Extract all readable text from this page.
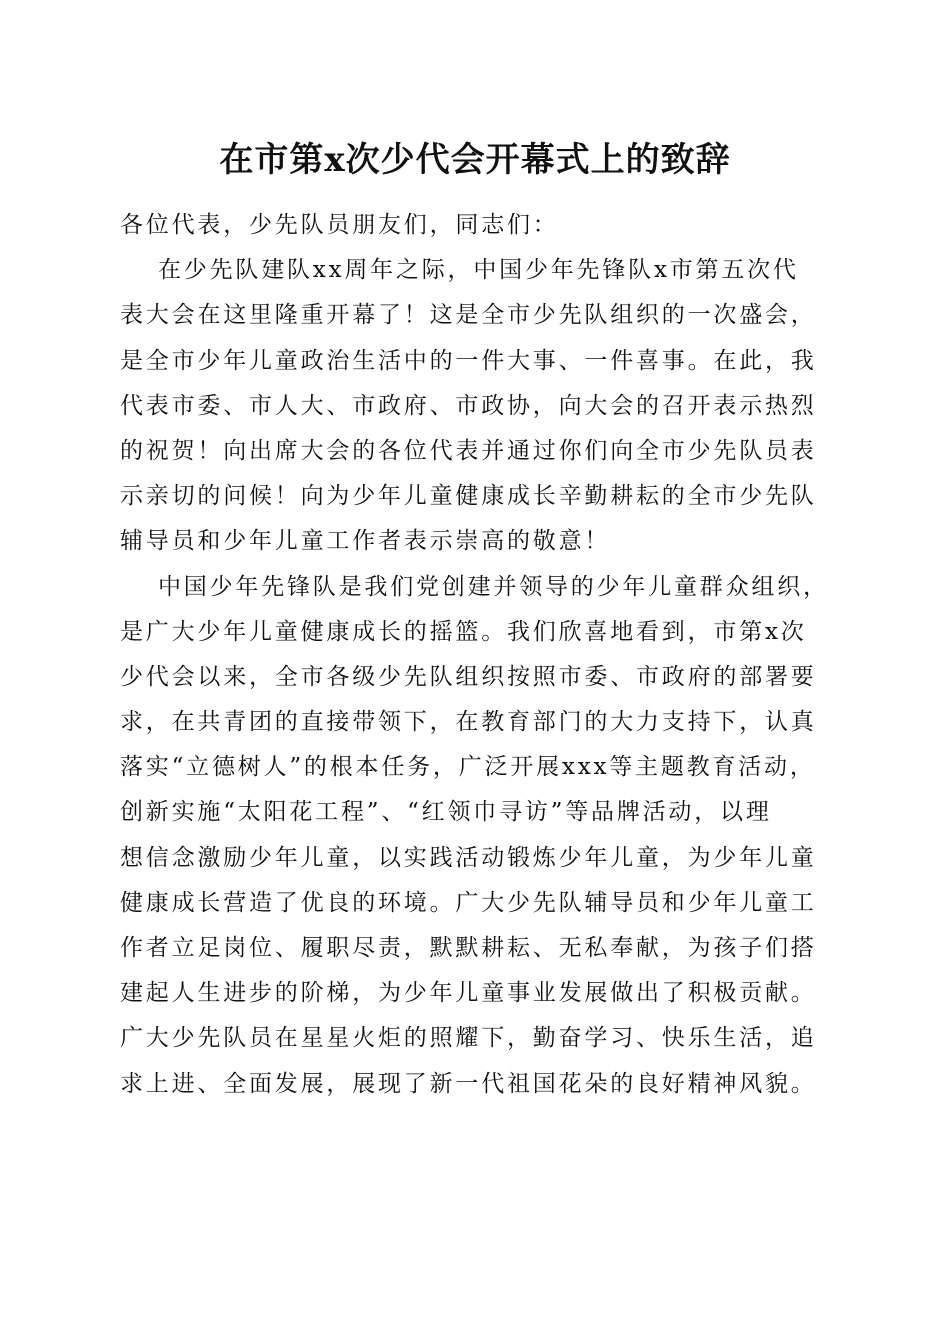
在市第x次少代会开幕式上的致辞
各位代表，少先队员朋友们，同志们：
在少先队建队xx周年之际，中国少年先锋队x市第五次代
表大会在这里隆重开幕了！这是全市少先队组织的一次盛会，
是全市少年儿童政治生活中的一件大事、一件喜事。在此，我
代表市委、市人大、市政府、市政协，向大会的召开表示热烈
的祝贺！向出席大会的各位代表并通过你们向全市少先队员表
示亲切的问候！向为少年儿童健康成长辛勤耕耘的全市少先队
辅导员和少年儿童工作者表示崇高的敬意！
中国少年先锋队是我们党创建并领导的少年儿童群众组织，
是广大少年儿童健康成长的摇篮。我们欣喜地看到，市第x次
少代会以来，全市各级少先队组织按照市委、市政府的部署要
求，在共青团的直接带领下，在教育部门的大力支持下，认真
落实“立德树人”的根本任务，广泛开展xxx等主题教育活动，
创新实施“太阳花工程”、“红领巾寻访”等品牌活动，以理
想信念激励少年儿童，以实践活动锻炼少年儿童，为少年儿童
健康成长营造了优良的环境。广大少先队辅导员和少年儿童工
作者立足岗位、履职尽责，默默耕耘、无私奉献，为孩子们搭
建起人生进步的阶梯，为少年儿童事业发展做出了积极贡献。
广大少先队员在星星火炬的照耀下，勤奋学习、快乐生活，追
求上进、全面发展，展现了新一代祖国花朵的良好精神风貌。
